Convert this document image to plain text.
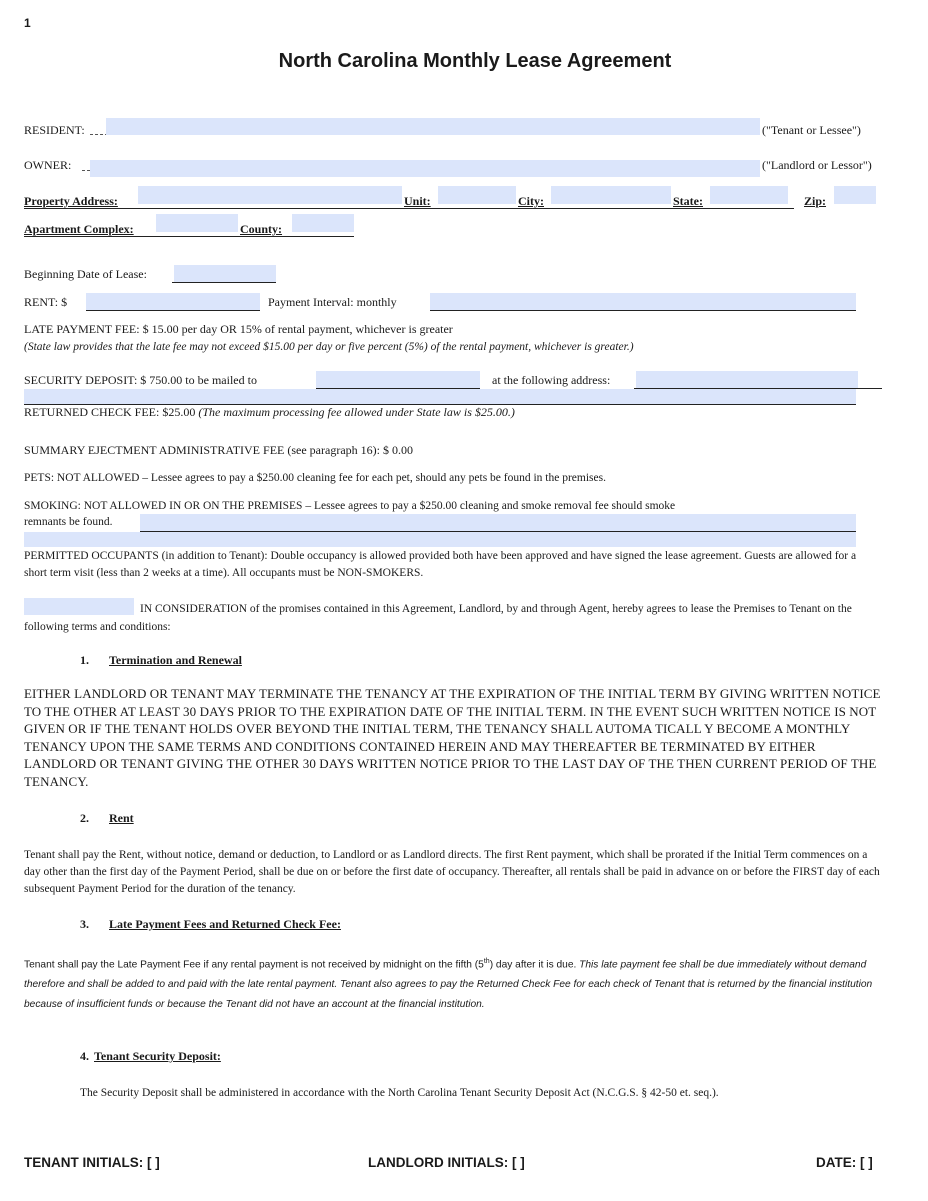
1
North Carolina Monthly Lease Agreement
RESIDENT:	("Tenant or Lessee")
OWNER:	("Landlord or Lessor")
Property Address:	Unit:	City:	State:	Zip:
Apartment Complex:	County:
Beginning Date of Lease:
RENT: $	Payment Interval: monthly
LATE PAYMENT FEE: $ 15.00 per day OR 15% of rental payment, whichever is greater
(State law provides that the late fee may not exceed $15.00 per day or five percent (5%) of the rental payment, whichever is greater.)
SECURITY DEPOSIT: $ 750.00 to be mailed to	at the following address:
RETURNED CHECK FEE: $25.00 (The maximum processing fee allowed under State law is $25.00.)
SUMMARY EJECTMENT ADMINISTRATIVE FEE (see paragraph 16): $ 0.00
PETS: NOT ALLOWED – Lessee agrees to pay a $250.00 cleaning fee for each pet, should any pets be found in the premises.
SMOKING: NOT ALLOWED IN OR ON THE PREMISES – Lessee agrees to pay a $250.00 cleaning and smoke removal fee should smoke
remnants be found.
PERMITTED OCCUPANTS (in addition to Tenant): Double occupancy is allowed provided both have been approved and have signed the lease agreement. Guests are allowed for a short term visit (less than 2 weeks at a time). All occupants must be NON-SMOKERS.
IN CONSIDERATION of the promises contained in this Agreement, Landlord, by and through Agent, hereby agrees to lease the Premises to Tenant on the following terms and conditions:
1. Termination and Renewal
EITHER LANDLORD OR TENANT MAY TERMINATE THE TENANCY AT THE EXPIRATION OF THE INITIAL TERM BY GIVING WRITTEN NOTICE TO THE OTHER AT LEAST 30 DAYS PRIOR TO THE EXPIRATION DATE OF THE INITIAL TERM. IN THE EVENT SUCH WRITTEN NOTICE IS NOT GIVEN OR IF THE TENANT HOLDS OVER BEYOND THE INITIAL TERM, THE TENANCY SHALL AUTOMA TICALL Y BECOME A MONTHLY TENANCY UPON THE SAME TERMS AND CONDITIONS CONTAINED HEREIN AND MAY THEREAFTER BE TERMINATED BY EITHER LANDLORD OR TENANT GIVING THE OTHER 30 DAYS WRITTEN NOTICE PRIOR TO THE LAST DAY OF THE THEN CURRENT PERIOD OF THE TENANCY.
2. Rent
Tenant shall pay the Rent, without notice, demand or deduction, to Landlord or as Landlord directs. The first Rent payment, which shall be prorated if the Initial Term commences on a day other than the first day of the Payment Period, shall be due on or before the first date of occupancy. Thereafter, all rentals shall be paid in advance on or before the FIRST day of each subsequent Payment Period for the duration of the tenancy.
3. Late Payment Fees and Returned Check Fee:
Tenant shall pay the Late Payment Fee if any rental payment is not received by midnight on the fifth (5th) day after it is due. This late payment fee shall be due immediately without demand therefore and shall be added to and paid with the late rental payment. Tenant also agrees to pay the Returned Check Fee for each check of Tenant that is returned by the financial institution because of insufficient funds or because the Tenant did not have an account at the financial institution.
4. Tenant Security Deposit:
The Security Deposit shall be administered in accordance with the North Carolina Tenant Security Deposit Act (N.C.G.S. § 42-50 et. seq.).
TENANT INITIALS: [ ]	LANDLORD INITIALS: [ ]	DATE: [ ]
